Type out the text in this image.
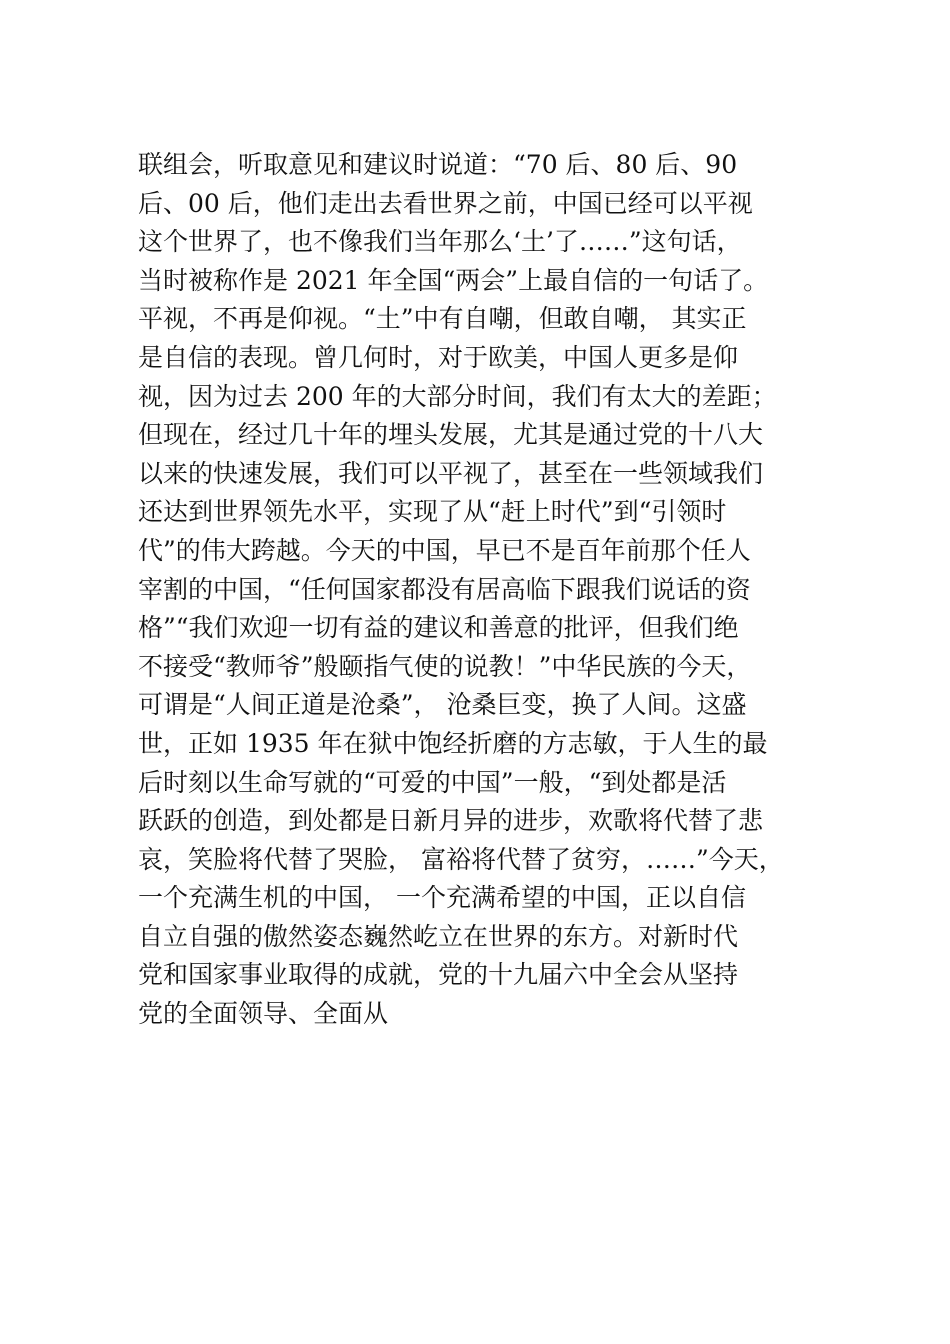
联组会，听取意见和建议时说道：“70 后、80 后、90
后、00 后，他们走出去看世界之前，中国已经可以平视
这个世界了，也不像我们当年那么‘土’了……”这句话，
当时被称作是 2021 年全国“两会”上最自信的一句话了。
平视，不再是仰视。“土”中有自嘲，但敢自嘲， 其实正
是自信的表现。曾几何时，对于欧美，中国人更多是仰
视，因为过去 200 年的大部分时间，我们有太大的差距；
但现在，经过几十年的埋头发展，尤其是通过党的十八大
以来的快速发展，我们可以平视了，甚至在一些领域我们
还达到世界领先水平，实现了从“赶上时代”到“引领时
代”的伟大跨越。今天的中国，早已不是百年前那个任人
宰割的中国，“任何国家都没有居高临下跟我们说话的资
格”“我们欢迎一切有益的建议和善意的批评，但我们绝
不接受“教师爷”般颐指气使的说教！”中华民族的今天，
可谓是“人间正道是沧桑”， 沧桑巨变，换了人间。这盛
世，正如 1935 年在狱中饱经折磨的方志敏，于人生的最
后时刻以生命写就的“可爱的中国”一般，“到处都是活
跃跃的创造，到处都是日新月异的进步，欢歌将代替了悲
哀，笑脸将代替了哭脸， 富裕将代替了贫穷，……”今天，
一个充满生机的中国， 一个充满希望的中国，正以自信
自立自强的傲然姿态巍然屹立在世界的东方。对新时代
党和国家事业取得的成就，党的十九届六中全会从坚持
党的全面领导、全面从
